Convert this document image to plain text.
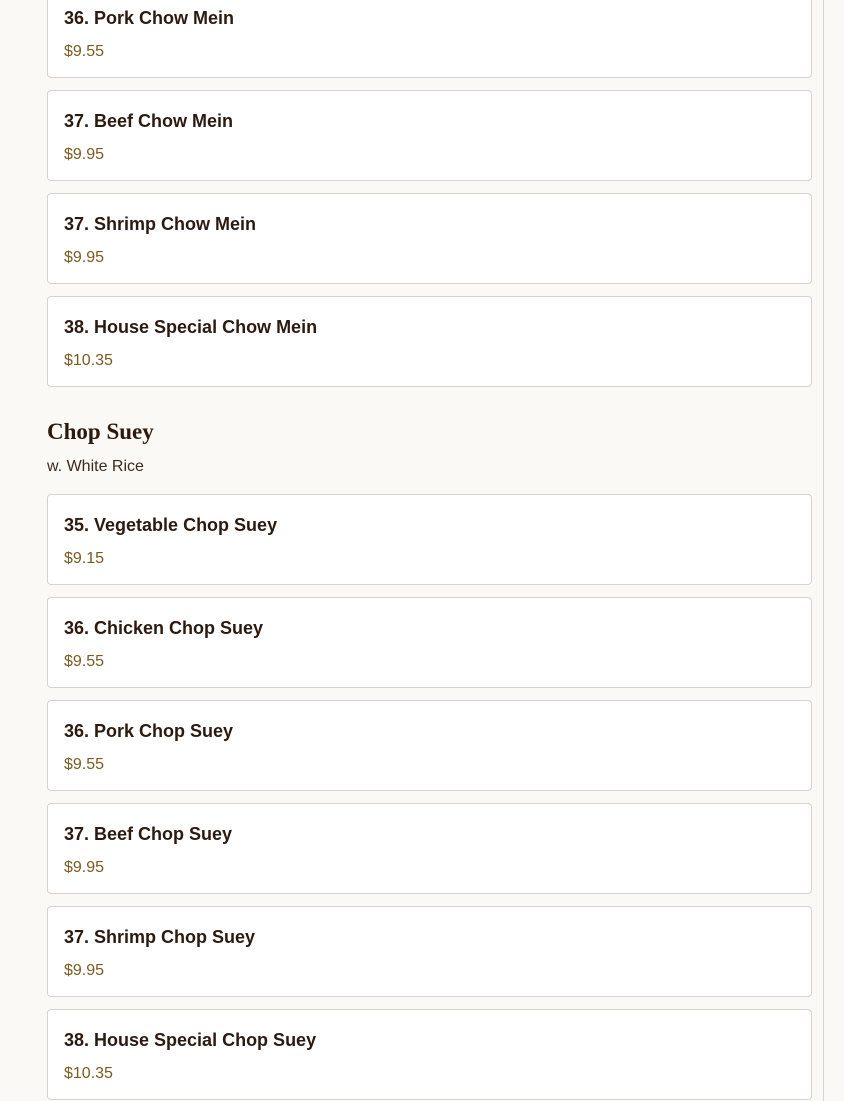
36. Pork Chow Mein
$9.55
37. Beef Chow Mein
$9.95
37. Shrimp Chow Mein
$9.95
38. House Special Chow Mein
$10.35
Chop Suey
w. White Rice
35. Vegetable Chop Suey
$9.15
36. Chicken Chop Suey
$9.55
36. Pork Chop Suey
$9.55
37. Beef Chop Suey
$9.95
37. Shrimp Chop Suey
$9.95
38. House Special Chop Suey
$10.35
